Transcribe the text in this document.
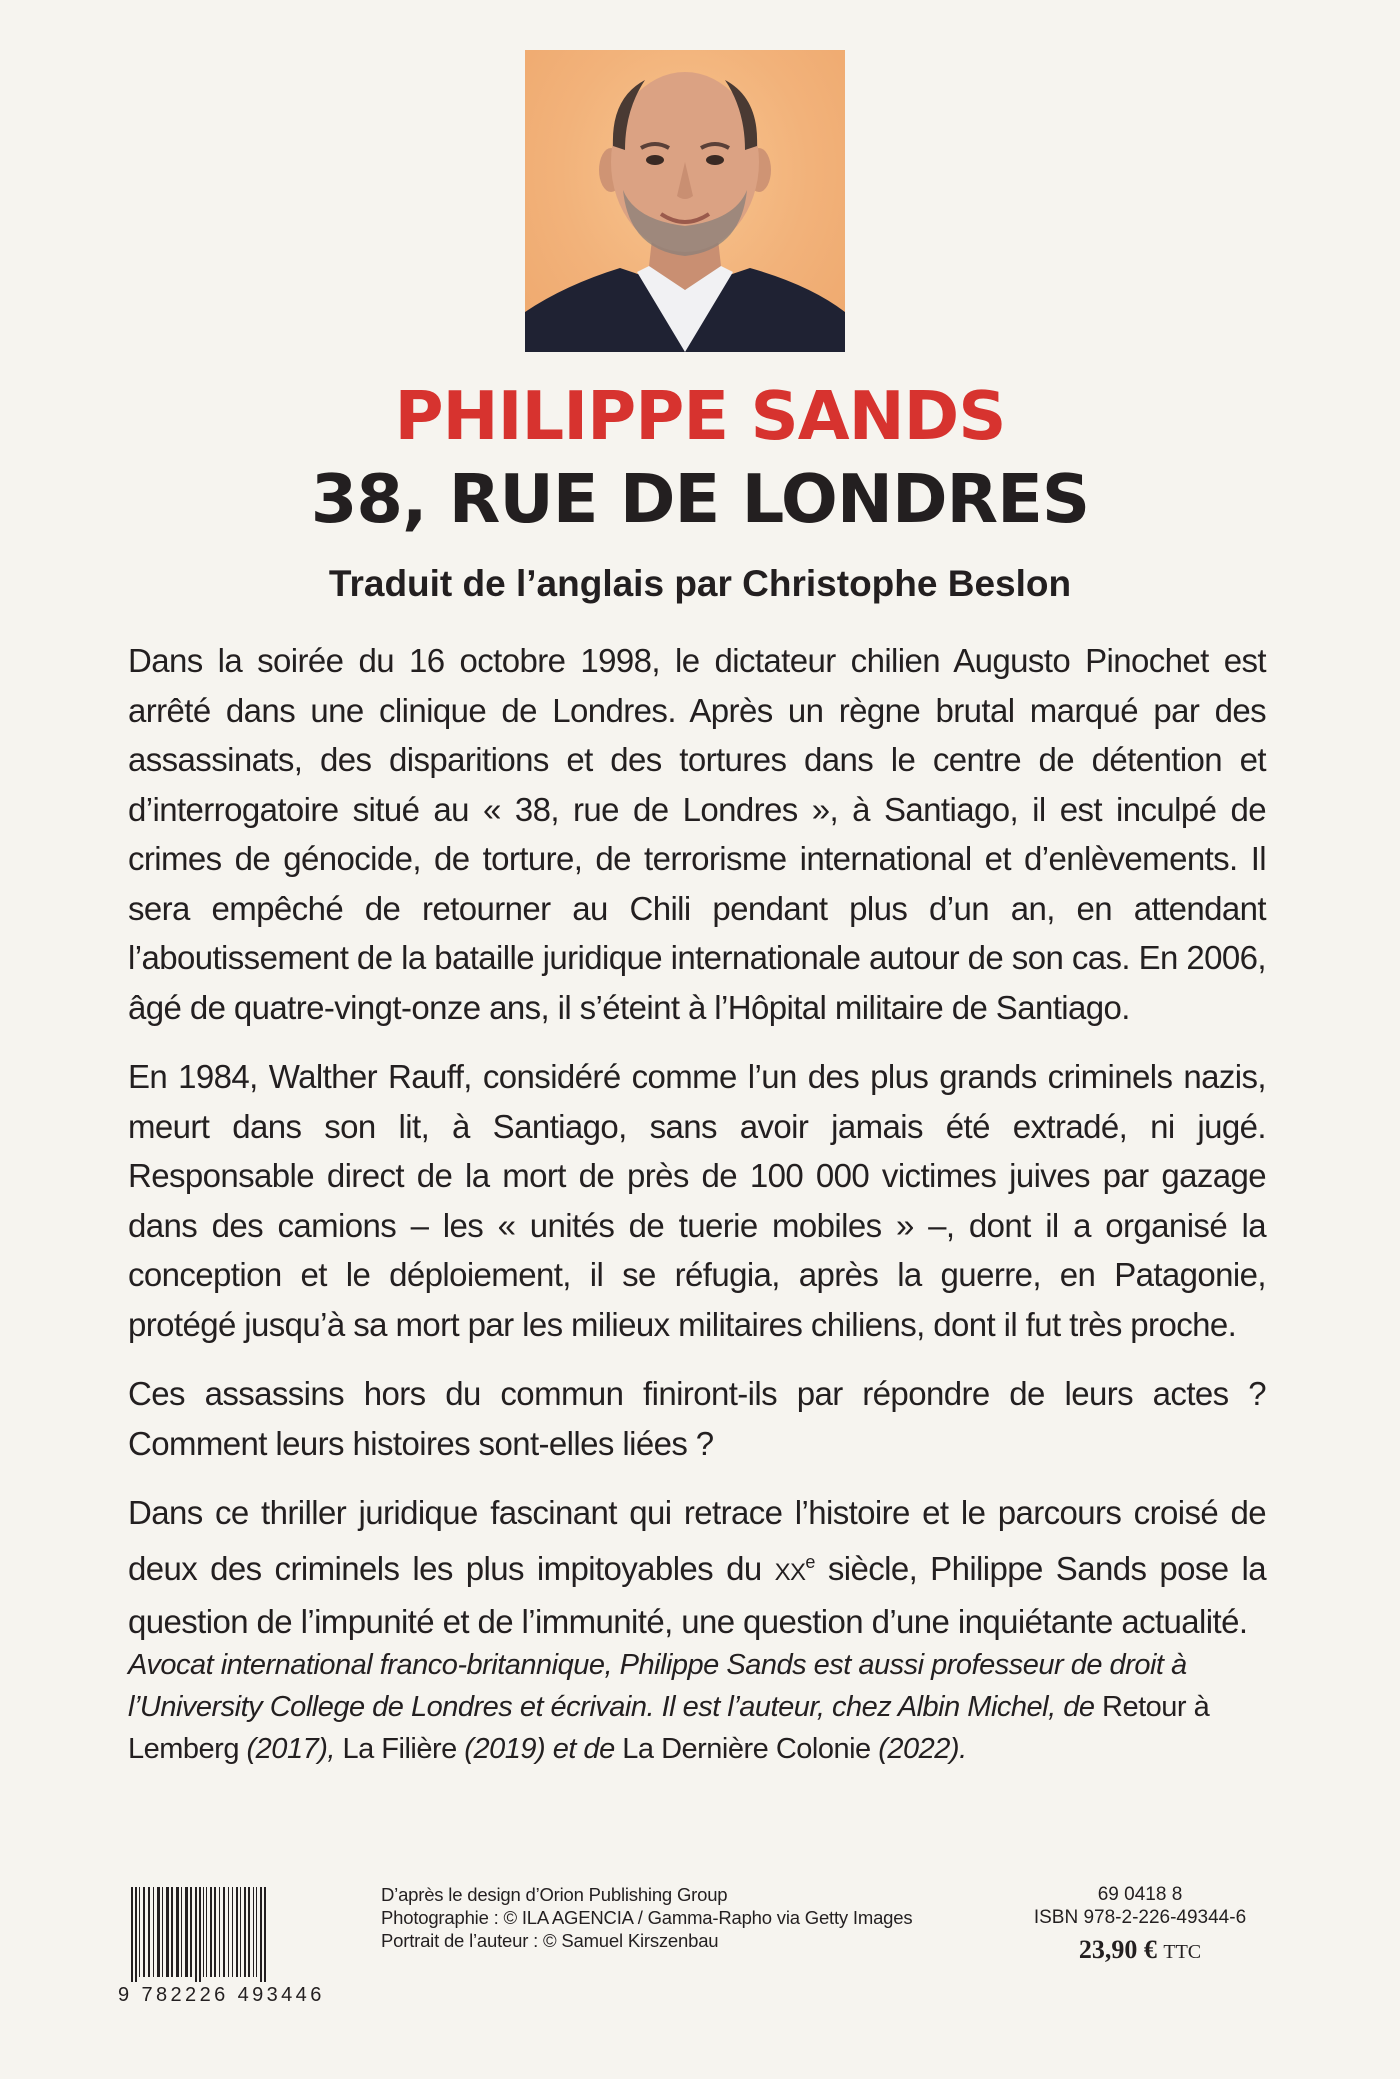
PHILIPPE SANDS
38, RUE DE LONDRES
Traduit de l’anglais par Christophe Beslon

Dans la soirée du 16 octobre 1998, le dictateur chilien Augusto Pinochet est arrêté dans une clinique de Londres. Après un règne brutal marqué par des assassinats, des disparitions et des tortures dans le centre de détention et d’interrogatoire situé au « 38, rue de Londres », à Santiago, il est inculpé de crimes de génocide, de torture, de terrorisme international et d’enlèvements. Il sera empêché de retourner au Chili pendant plus d’un an, en attendant l’aboutissement de la bataille juridique internationale autour de son cas. En 2006, âgé de quatre-vingt-onze ans, il s’éteint à l’Hôpital militaire de Santiago.

En 1984, Walther Rauff, considéré comme l’un des plus grands criminels nazis, meurt dans son lit, à Santiago, sans avoir jamais été extradé, ni jugé. Responsable direct de la mort de près de 100 000 victimes juives par gazage dans des camions – les « unités de tuerie mobiles » –, dont il a organisé la conception et le déploiement, il se réfugia, après la guerre, en Patagonie, protégé jusqu’à sa mort par les milieux militaires chiliens, dont il fut très proche.

Ces assassins hors du commun finiront-ils par répondre de leurs actes ? Comment leurs histoires sont-elles liées ?

Dans ce thriller juridique fascinant qui retrace l’histoire et le parcours croisé de deux des criminels les plus impitoyables du XXe siècle, Philippe Sands pose la question de l’impunité et de l’immunité, une question d’une inquiétante actualité.

Avocat international franco-britannique, Philippe Sands est aussi professeur de droit à l’University College de Londres et écrivain. Il est l’auteur, chez Albin Michel, de Retour à Lemberg (2017), La Filière (2019) et de La Dernière Colonie (2022).
9 782226 493446
D’après le design d’Orion Publishing Group
Photographie : © ILA AGENCIA / Gamma-Rapho via Getty Images
Portrait de l’auteur : © Samuel Kirszenbau
69 0418 8
ISBN 978-2-226-49344-6
23,90 € TTC
